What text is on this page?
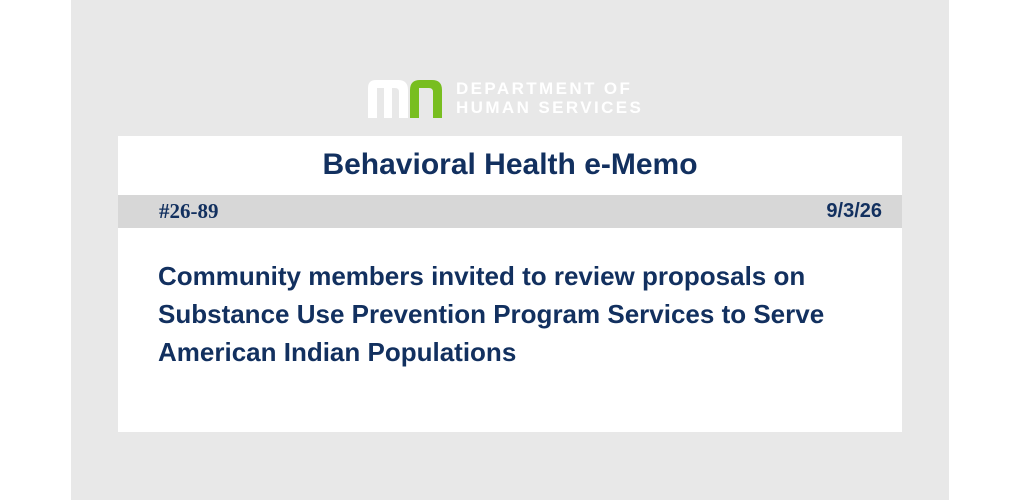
DEPARTMENT OF
HUMAN SERVICES
Behavioral Health e-Memo
#26-89	9/3/26

Community members invited to review proposals on Substance Use Prevention Program Services to Serve American Indian Populations
